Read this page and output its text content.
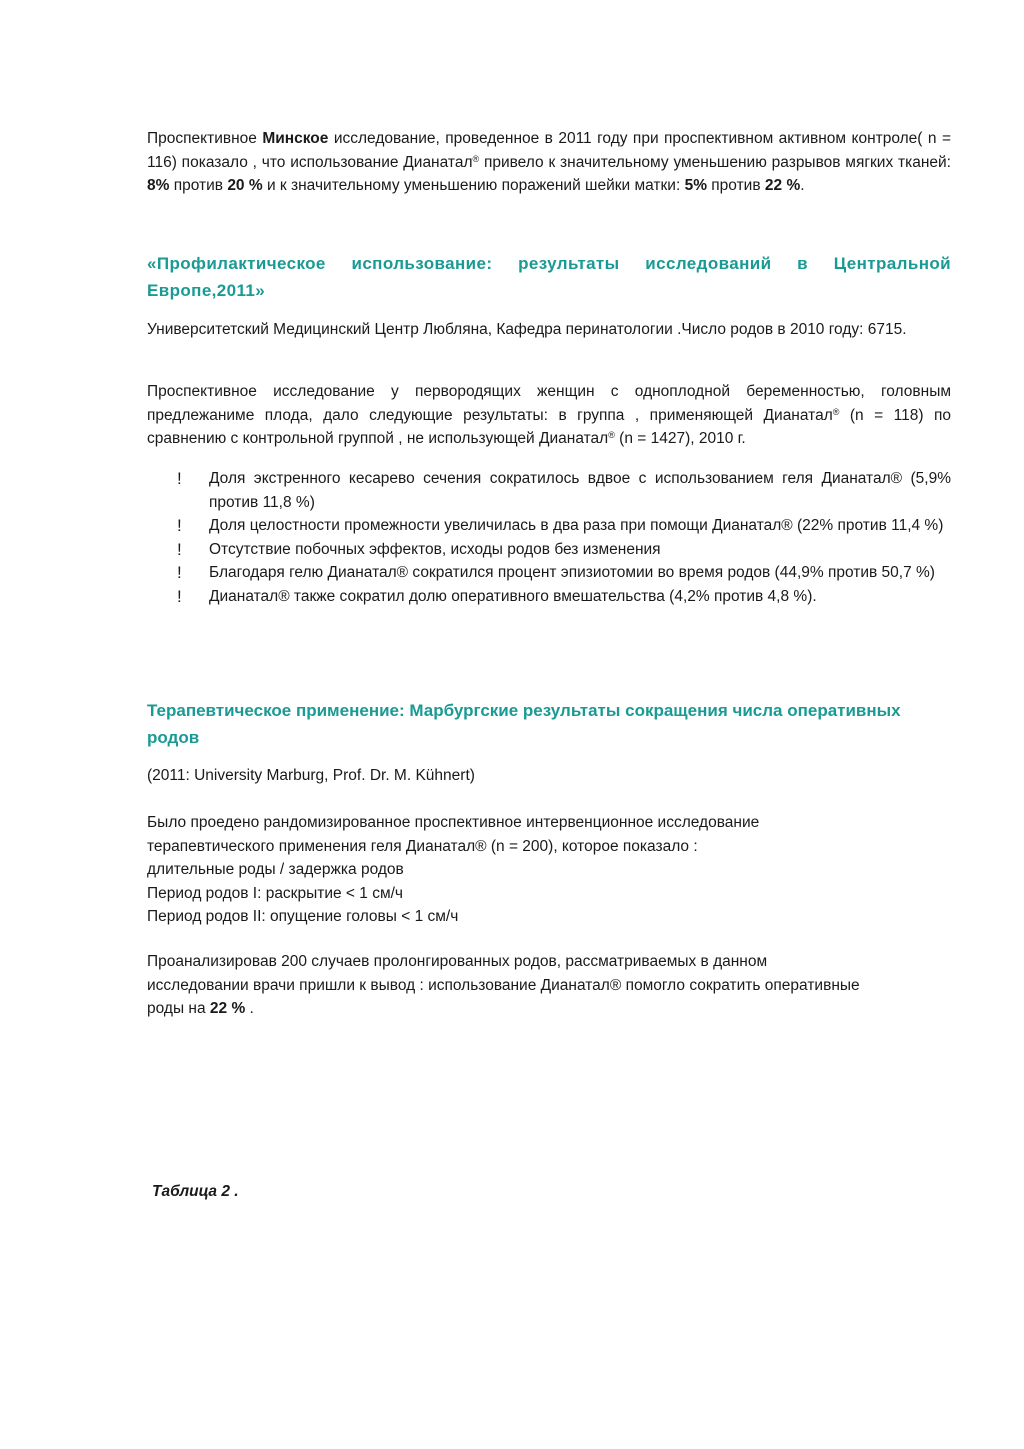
Проспективное Минское исследование, проведенное в 2011 году при проспективном активном контроле( n = 116) показало , что использование Дианатал® привело к значительному уменьшению разрывов мягких тканей: 8% против 20 % и к значительному уменьшению поражений шейки матки: 5% против 22 %.

«Профилактическое использование: результаты исследований в Центральной Европе,2011»

Университетский Медицинский Центр Любляна, Кафедра перинатологии .Число родов в 2010 году: 6715.

Проспективное исследование у первородящих женщин с одноплодной беременностью, головным предлежаниме плода, дало следующие результаты: в группа , применяющей Дианатал® (n = 118) по сравнению с контрольной группой , не использующей Дианатал® (n = 1427), 2010 г.

! Доля экстренного кесарево сечения сократилось вдвое с использованием геля Дианатал® (5,9% против 11,8 %)
! Доля целостности промежности увеличилась в два раза при помощи Дианатал® (22% против 11,4 %)
! Отсутствие побочных эффектов, исходы родов без изменения
! Благодаря гелю Дианатал® сократился процент эпизиотомии во время родов (44,9% против 50,7 %)
! Дианатал® также сократил долю оперативного вмешательства (4,2% против 4,8 %).
Терапевтическое применение: Марбургские результаты сокращения числа оперативных родов

(2011: University Marburg, Prof. Dr. M. Kühnert)

Было проедено рандомизированное проспективное интервенционное исследование
терапевтического применения геля Дианатал® (n = 200), которое показало :
длительные роды / задержка родов
Период родов I: раскрытие < 1 см/ч
Период родов II: опущение головы < 1 см/ч
Проанализировав 200 случаев пролонгированных родов, рассматриваемых в данном
исследовании врачи пришли к вывод : использование Дианатал® помогло сократить оперативные
роды на 22 % .
Таблица 2 .
